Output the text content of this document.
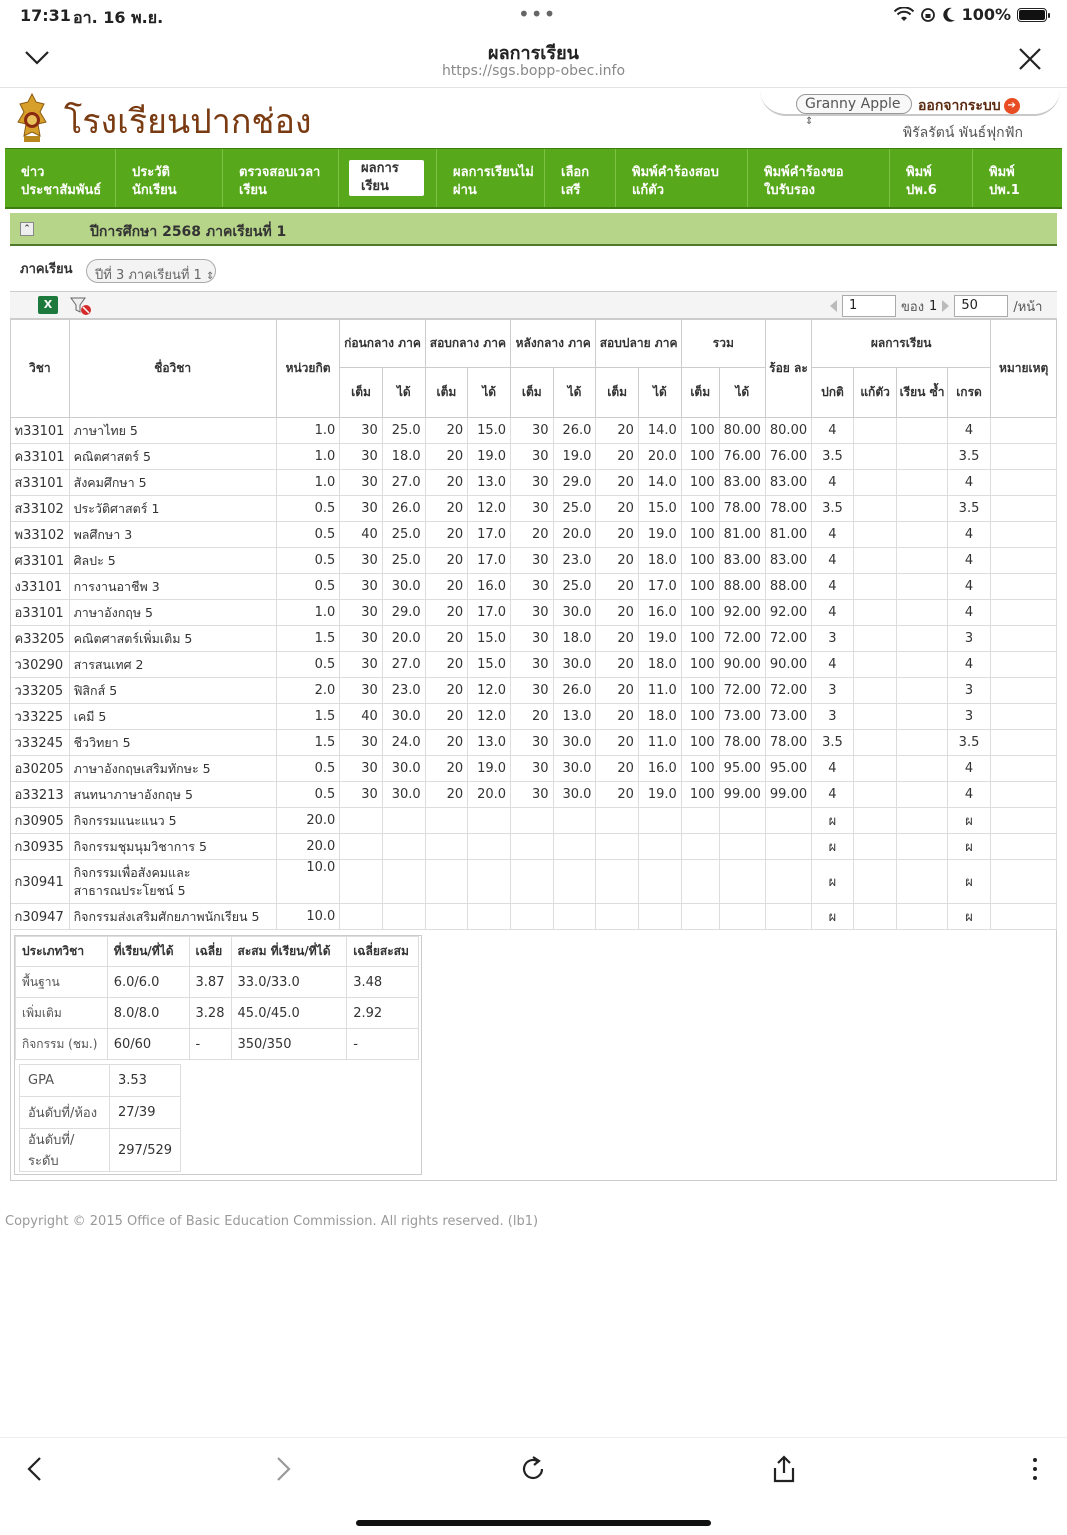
17:31 อา. 16 พ.ย.	•••	100%
ผลการเรียน
https://sgs.bopp-obec.info
โรงเรียนปากช่อง	Granny Apple ⇕
ออกจากระบบ ➔
พิรัลรัตน์ พันธ์ฟุกฟัก
ข่าว
ประชาสัมพันธ์
ประวัติ
นักเรียน
ตรวจสอบเวลา
เรียน
ผลการ
เรียน
ผลการเรียนไม่
ผ่าน
เลือก
เสรี
พิมพ์คำร้องสอบ
แก้ตัว
พิมพ์คำร้องขอ
ใบรับรอง
พิมพ์
ปพ.6
พิมพ์
ปพ.1
⌃	ปีการศึกษา 2568 ภาคเรียนที่ 1
ภาคเรียน	ปีที่ 3 ภาคเรียนที่ 1 ⇕
X	1	ของ 1	50	/หน้า
วิชา	ชื่อวิชา	หน่วยกิต	ก่อนกลาง ภาค		สอบกลาง ภาค		หลังกลาง ภาค		สอบปลาย ภาค		รวม		ร้อย ละ	ผลการเรียน				หมายเหตุ
			เต็ม	ได้	เต็ม	ได้	เต็ม	ได้	เต็ม	ได้	เต็ม	ได้		ปกติ	แก้ตัว	เรียน ซ้ำ	เกรด	
ท33101	ภาษาไทย 5	1.0	30	25.0	20	15.0	30	26.0	20	14.0	100	80.00	80.00	4			4	
ค33101	คณิตศาสตร์ 5	1.0	30	18.0	20	19.0	30	19.0	20	20.0	100	76.00	76.00	3.5			3.5	
ส33101	สังคมศึกษา 5	1.0	30	27.0	20	13.0	30	29.0	20	14.0	100	83.00	83.00	4			4	
ส33102	ประวัติศาสตร์ 1	0.5	30	26.0	20	12.0	30	25.0	20	15.0	100	78.00	78.00	3.5			3.5	
พ33102	พลศึกษา 3	0.5	40	25.0	20	17.0	20	20.0	20	19.0	100	81.00	81.00	4			4	
ศ33101	ศิลปะ 5	0.5	30	25.0	20	17.0	30	23.0	20	18.0	100	83.00	83.00	4			4	
ง33101	การงานอาชีพ 3	0.5	30	30.0	20	16.0	30	25.0	20	17.0	100	88.00	88.00	4			4	
อ33101	ภาษาอังกฤษ 5	1.0	30	29.0	20	17.0	30	30.0	20	16.0	100	92.00	92.00	4			4	
ค33205	คณิตศาสตร์เพิ่มเติม 5	1.5	30	20.0	20	15.0	30	18.0	20	19.0	100	72.00	72.00	3			3	
ว30290	สารสนเทศ 2	0.5	30	27.0	20	15.0	30	30.0	20	18.0	100	90.00	90.00	4			4	
ว33205	ฟิสิกส์ 5	2.0	30	23.0	20	12.0	30	26.0	20	11.0	100	72.00	72.00	3			3	
ว33225	เคมี 5	1.5	40	30.0	20	12.0	20	13.0	20	18.0	100	73.00	73.00	3			3	
ว33245	ชีววิทยา 5	1.5	30	24.0	20	13.0	30	30.0	20	11.0	100	78.00	78.00	3.5			3.5	
อ30205	ภาษาอังกฤษเสริมทักษะ 5	0.5	30	30.0	20	19.0	30	30.0	20	16.0	100	95.00	95.00	4			4	
อ33213	สนทนาภาษาอังกฤษ 5	0.5	30	30.0	20	20.0	30	30.0	20	19.0	100	99.00	99.00	4			4	
ก30905	กิจกรรมแนะแนว 5	20.0												ผ			ผ	
ก30935	กิจกรรมชุมนุมวิชาการ 5	20.0												ผ			ผ	
ก30941	กิจกรรมเพื่อสังคมและ
สาธารณประโยชน์ 5	10.0												ผ			ผ	
ก30947	กิจกรรมส่งเสริมศักยภาพนักเรียน 5	10.0												ผ			ผ	
ประเภทวิชา	ที่เรียน/ที่ได้	เฉลี่ย	สะสม ที่เรียน/ที่ได้	เฉลี่ยสะสม
พื้นฐาน	6.0/6.0	3.87	33.0/33.0	3.48
เพิ่มเติม	8.0/8.0	3.28	45.0/45.0	2.92
กิจกรรม (ชม.)	60/60	-	350/350	-
GPA	3.53
อันดับที่/ห้อง	27/39
อันดับที่/ระดับ	297/529
Copyright © 2015 Office of Basic Education Commission. All rights reserved. (lb1)
